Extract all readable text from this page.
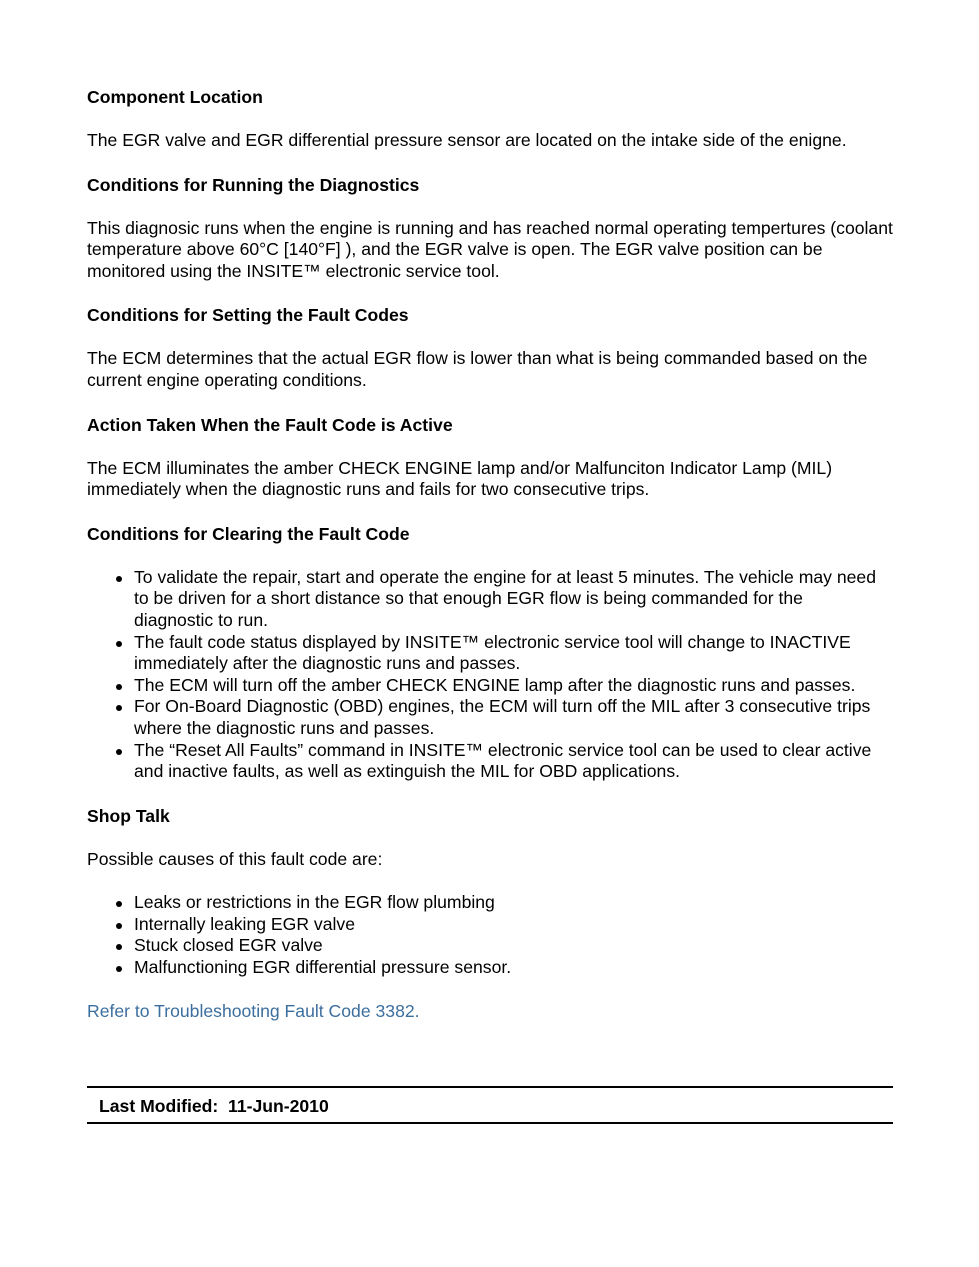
Component Location

The EGR valve and EGR differential pressure sensor are located on the intake side of the enigne.

Conditions for Running the Diagnostics

This diagnosic runs when the engine is running and has reached normal operating tempertures (coolant temperature above 60°C [140°F] ), and the EGR valve is open. The EGR valve position can be monitored using the INSITE™ electronic service tool.

Conditions for Setting the Fault Codes

The ECM determines that the actual EGR flow is lower than what is being commanded based on the current engine operating conditions.

Action Taken When the Fault Code is Active

The ECM illuminates the amber CHECK ENGINE lamp and/or Malfunciton Indicator Lamp (MIL) immediately when the diagnostic runs and fails for two consecutive trips.

Conditions for Clearing the Fault Code

To validate the repair, start and operate the engine for at least 5 minutes. The vehicle may need to be driven for a short distance so that enough EGR flow is being commanded for the diagnostic to run.
The fault code status displayed by INSITE™ electronic service tool will change to INACTIVE immediately after the diagnostic runs and passes.
The ECM will turn off the amber CHECK ENGINE lamp after the diagnostic runs and passes.
For On-Board Diagnostic (OBD) engines, the ECM will turn off the MIL after 3 consecutive trips where the diagnostic runs and passes.
The “Reset All Faults” command in INSITE™ electronic service tool can be used to clear active and inactive faults, as well as extinguish the MIL for OBD applications.

Shop Talk

Possible causes of this fault code are:

Leaks or restrictions in the EGR flow plumbing
Internally leaking EGR valve
Stuck closed EGR valve
Malfunctioning EGR differential pressure sensor.
Refer to Troubleshooting Fault Code 3382.
Last Modified:  11-Jun-2010
